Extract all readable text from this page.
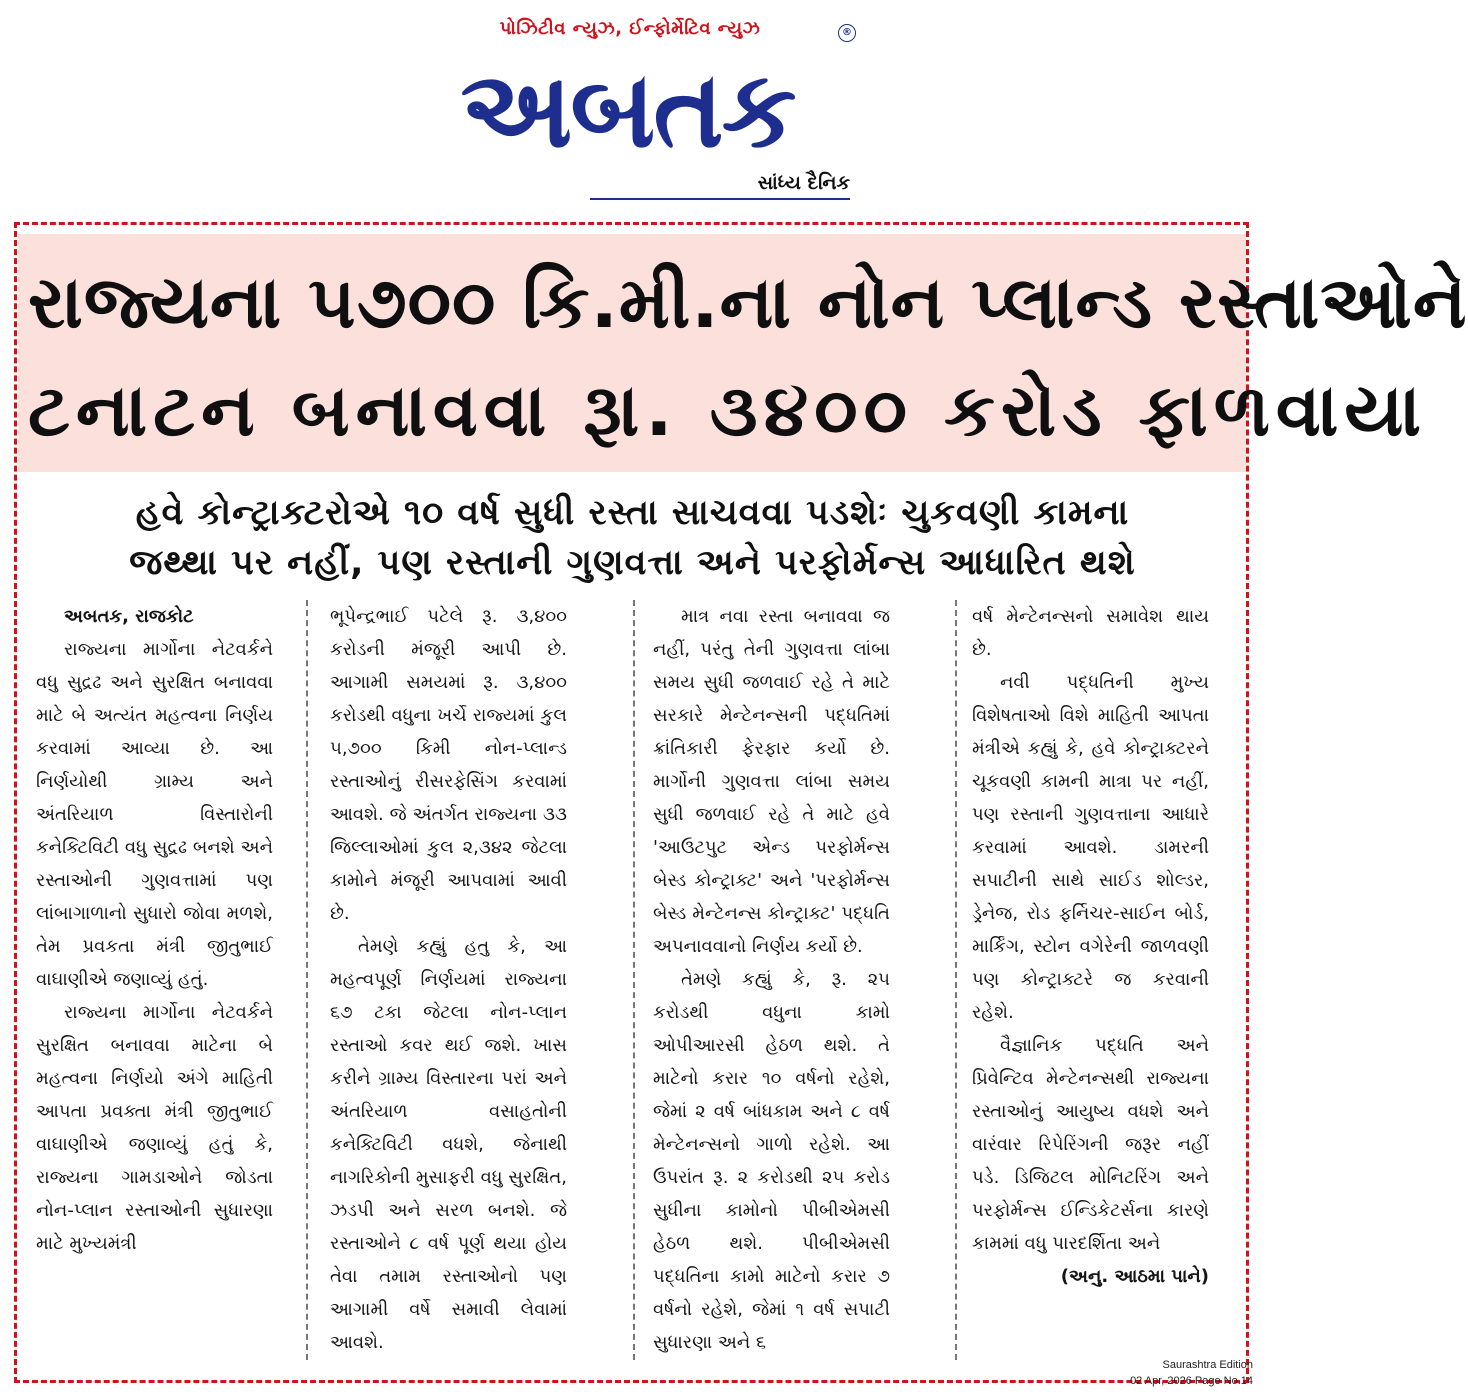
પોઝિટીવ ન્યુઝ, ઈન્ફોર્મેટિવ ન્યુઝ
અબતક
®
સાંધ્ય દૈનિક
રાજ્યના ૫૭૦૦ કિ.મી.ના નોન પ્લાન્ડ રસ્તાઓને
ટનાટન બનાવવા રૂા. ૩૪૦૦ કરોડ ફાળવાયા
હવે કોન્ટ્રાક્ટરોએ ૧૦ વર્ષ સુધી રસ્તા સાચવવા પડશેઃ ચુકવણી કામના
જથ્થા પર નહીં, પણ રસ્તાની ગુણવત્તા અને પરફોર્મન્સ આધારિત થશે
અબતક, રાજકોટ

રાજ્યના માર્ગોના નેટવર્કને વધુ સુદ્રઢ અને સુરક્ષિત બનાવવા માટે બે અત્યંત મહત્વના નિર્ણય કરવામાં આવ્યા છે. આ નિર્ણયોથી ગ્રામ્ય અને અંતરિયાળ વિસ્તારોની કનેક્ટિવિટી વધુ સુદ્રઢ બનશે અને રસ્તાઓની ગુણવત્તામાં પણ લાંબાગાળાનો સુધારો જોવા મળશે, તેમ પ્રવકતા મંત્રી જીતુભાઈ વાઘાણીએ જણાવ્યું હતું.

રાજ્યના માર્ગોના નેટવર્કને સુરક્ષિત બનાવવા માટેના બે મહત્વના નિર્ણયો અંગે માહિતી આપતા પ્રવક્તા મંત્રી જીતુભાઈ વાઘાણીએ જણાવ્યું હતું કે, રાજ્યના ગામડાઓને જોડતા નોન-પ્લાન રસ્તાઓની સુધારણા માટે મુખ્યમંત્રી

ભૂપેન્દ્રભાઈ પટેલે રૂ. ૩,૪૦૦ કરોડની મંજૂરી આપી છે. આગામી સમયમાં રૂ. ૩,૪૦૦ કરોડથી વધુના ખર્ચે રાજ્યમાં કુલ ૫,૭૦૦ કિમી નોન-પ્લાન્ડ રસ્તાઓનું રીસરફેસિંગ કરવામાં આવશે. જે અંતર્ગત રાજ્યના ૩૩ જિલ્લાઓમાં કુલ ૨,૩૪૨ જેટલા કામોને મંજૂરી આપવામાં આવી છે.

તેમણે કહ્યું હતુ કે, આ મહત્વપૂર્ણ નિર્ણયમાં રાજ્યના ૬૭ ટકા જેટલા નોન-પ્લાન રસ્તાઓ કવર થઈ જશે. ખાસ કરીને ગ્રામ્ય વિસ્તારના પરાં અને અંતરિયાળ વસાહતોની કનેક્ટિવિટી વધશે, જેનાથી નાગરિકોની મુસાફરી વધુ સુરક્ષિત, ઝડપી અને સરળ બનશે. જે રસ્તાઓને ૮ વર્ષ પૂર્ણ થયા હોય તેવા તમામ રસ્તાઓનો પણ આગામી વર્ષે સમાવી લેવામાં આવશે.

માત્ર નવા રસ્તા બનાવવા જ નહીં, પરંતુ તેની ગુણવત્તા લાંબા સમય સુધી જળવાઈ રહે તે માટે સરકારે મેન્ટેનન્સની પદ્ધતિમાં ક્રાંતિકારી ફેરફાર કર્યો છે. માર્ગોની ગુણવત્તા લાંબા સમય સુધી જળવાઈ રહે તે માટે હવે 'આઉટપુટ એન્ડ પરફોર્મન્સ બેસ્ડ કોન્ટ્રાક્ટ' અને 'પરફોર્મન્સ બેસ્ડ મેન્ટેનન્સ કોન્ટ્રાક્ટ' પદ્ધતિ અપનાવવાનો નિર્ણય કર્યો છે.

તેમણે કહ્યું કે, રૂ. ૨૫ કરોડથી વધુના કામો ઓપીઆરસી હેઠળ થશે. તે માટેનો કરાર ૧૦ વર્ષનો રહેશે, જેમાં ૨ વર્ષ બાંધકામ અને ૮ વર્ષ મેન્ટેનન્સનો ગાળો રહેશે. આ ઉપરાંત રૂ. ૨ કરોડથી ૨૫ કરોડ સુધીના કામોનો પીબીએમસી હેઠળ થશે. પીબીએમસી પદ્ધતિના કામો માટેનો કરાર ૭ વર્ષનો રહેશે, જેમાં ૧ વર્ષ સપાટી સુધારણા અને ૬

વર્ષ મેન્ટેનન્સનો સમાવેશ થાય છે.

નવી પદ્ધતિની મુખ્ય વિશેષતાઓ વિશે માહિતી આપતા મંત્રીએ કહ્યું કે, હવે કોન્ટ્રાક્ટરને ચૂકવણી કામની માત્રા પર નહીં, પણ રસ્તાની ગુણવત્તાના આધારે કરવામાં આવશે. ડામરની સપાટીની સાથે સાઈડ શોલ્ડર, ડ્રેનેજ, રોડ ફર્નિચર-સાઈન બોર્ડ, માર્કિંગ, સ્ટોન વગેરેની જાળવણી પણ કોન્ટ્રાક્ટરે જ કરવાની રહેશે.

વૈજ્ઞાનિક પદ્ધતિ અને પ્રિવેન્ટિવ મેન્ટેનન્સથી રાજ્યના રસ્તાઓનું આયુષ્ય વધશે અને વારંવાર રિપેરિંગની જરૂર નહીં પડે. ડિજિટલ મોનિટરિંગ અને પરફોર્મન્સ ઈન્ડિકેટર્સના કારણે કામમાં વધુ પારદર્શિતા અને

(અનુ. આઠમા પાને)

Saurashtra Edition
02 Apr, 2026 Page No.14
